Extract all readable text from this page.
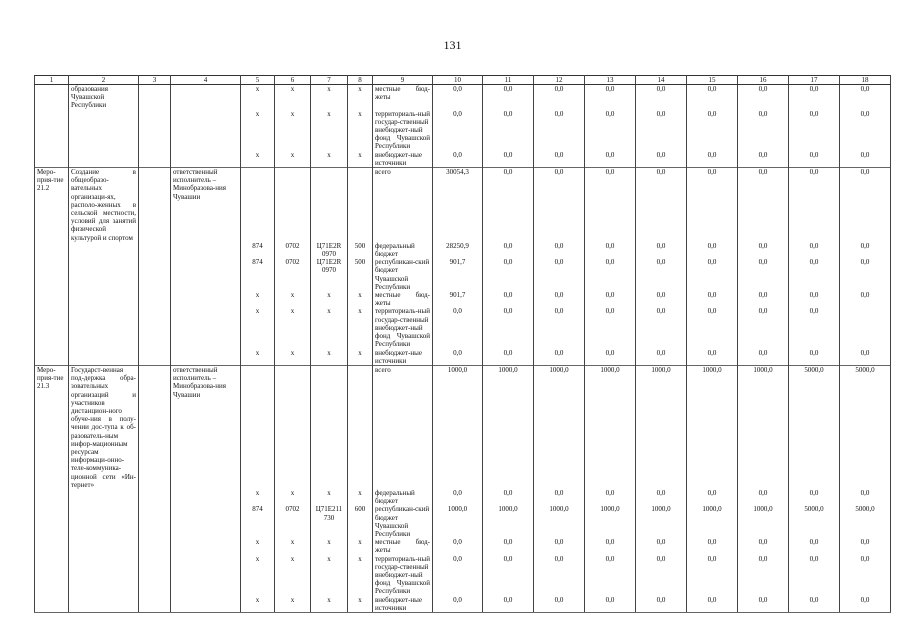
131
1	2	3	4	5	6	7	8	9	10	11	12	13	14	15	16	17	18
	образования Чувашской Республики			x	x	x	x	местные бюд-жеты	0,0	0,0	0,0	0,0	0,0	0,0	0,0	0,0	0,0
				x	x	x	x	территориаль-ный государ-ственный внебюджет-ный фонд Чувашской Республики	0,0	0,0	0,0	0,0	0,0	0,0	0,0	0,0	0,0
				x	x	x	x	внебюджет-ные источники	0,0	0,0	0,0	0,0	0,0	0,0	0,0	0,0	0,0
Меро-прия-тие 21.2	Создание в общеобразо-вательных организаци-ях, располо-женных в сельской местности, условий для занятий физической культурой и спортом		ответственный исполнитель – Минобразова-ния Чувашии					всего	30054,3	0,0	0,0	0,0	0,0	0,0	0,0	0,0	0,0
				874	0702	Ц71E2R 0970	500	федеральный бюджет	28250,9	0,0	0,0	0,0	0,0	0,0	0,0	0,0	0,0
				874	0702	Ц71E2R 0970	500	республикан-ский бюджет Чувашской Республики	901,7	0,0	0,0	0,0	0,0	0,0	0,0	0,0	0,0
				x	x	x	x	местные бюд-жеты	901,7	0,0	0,0	0,0	0,0	0,0	0,0	0,0	0,0
				x	x	x	x	территориаль-ный государ-ственный внебюджет-ный фонд Чувашской Республики	0,0	0,0	0,0	0,0	0,0	0,0	0,0	0,0	
				x	x	x	x	внебюджет-ные источники	0,0	0,0	0,0	0,0	0,0	0,0	0,0	0,0	0,0
Меро-прия-тие 21.3	Государст-венная под-держка обра-зовательных организаций и участников дистанцион-ного обуче-ния в полу-чении дос-тупа к об-разователь-ным инфор-мационным ресурсам информаци-онно-теле-коммуника-ционной сети «Ин-тернет»		ответственный исполнитель – Минобразова-ния Чувашии					всего	1000,0	1000,0	1000,0	1000,0	1000,0	1000,0	1000,0	5000,0	5000,0
				x	x	x	x	федеральный бюджет	0,0	0,0	0,0	0,0	0,0	0,0	0,0	0,0	0,0
				874	0702	Ц71E211 730	600	республикан-ский бюджет Чувашской Республики	1000,0	1000,0	1000,0	1000,0	1000,0	1000,0	1000,0	5000,0	5000,0
				x	x	x	x	местные бюд-жеты	0,0	0,0	0,0	0,0	0,0	0,0	0,0	0,0	0,0
				x	x	x	x	территориаль-ный государ-ственный внебюджет-ный фонд Чувашской Республики	0,0	0,0	0,0	0,0	0,0	0,0	0,0	0,0	0,0
				x	x	x	x	внебюджет-ные источники	0,0	0,0	0,0	0,0	0,0	0,0	0,0	0,0	0,0
